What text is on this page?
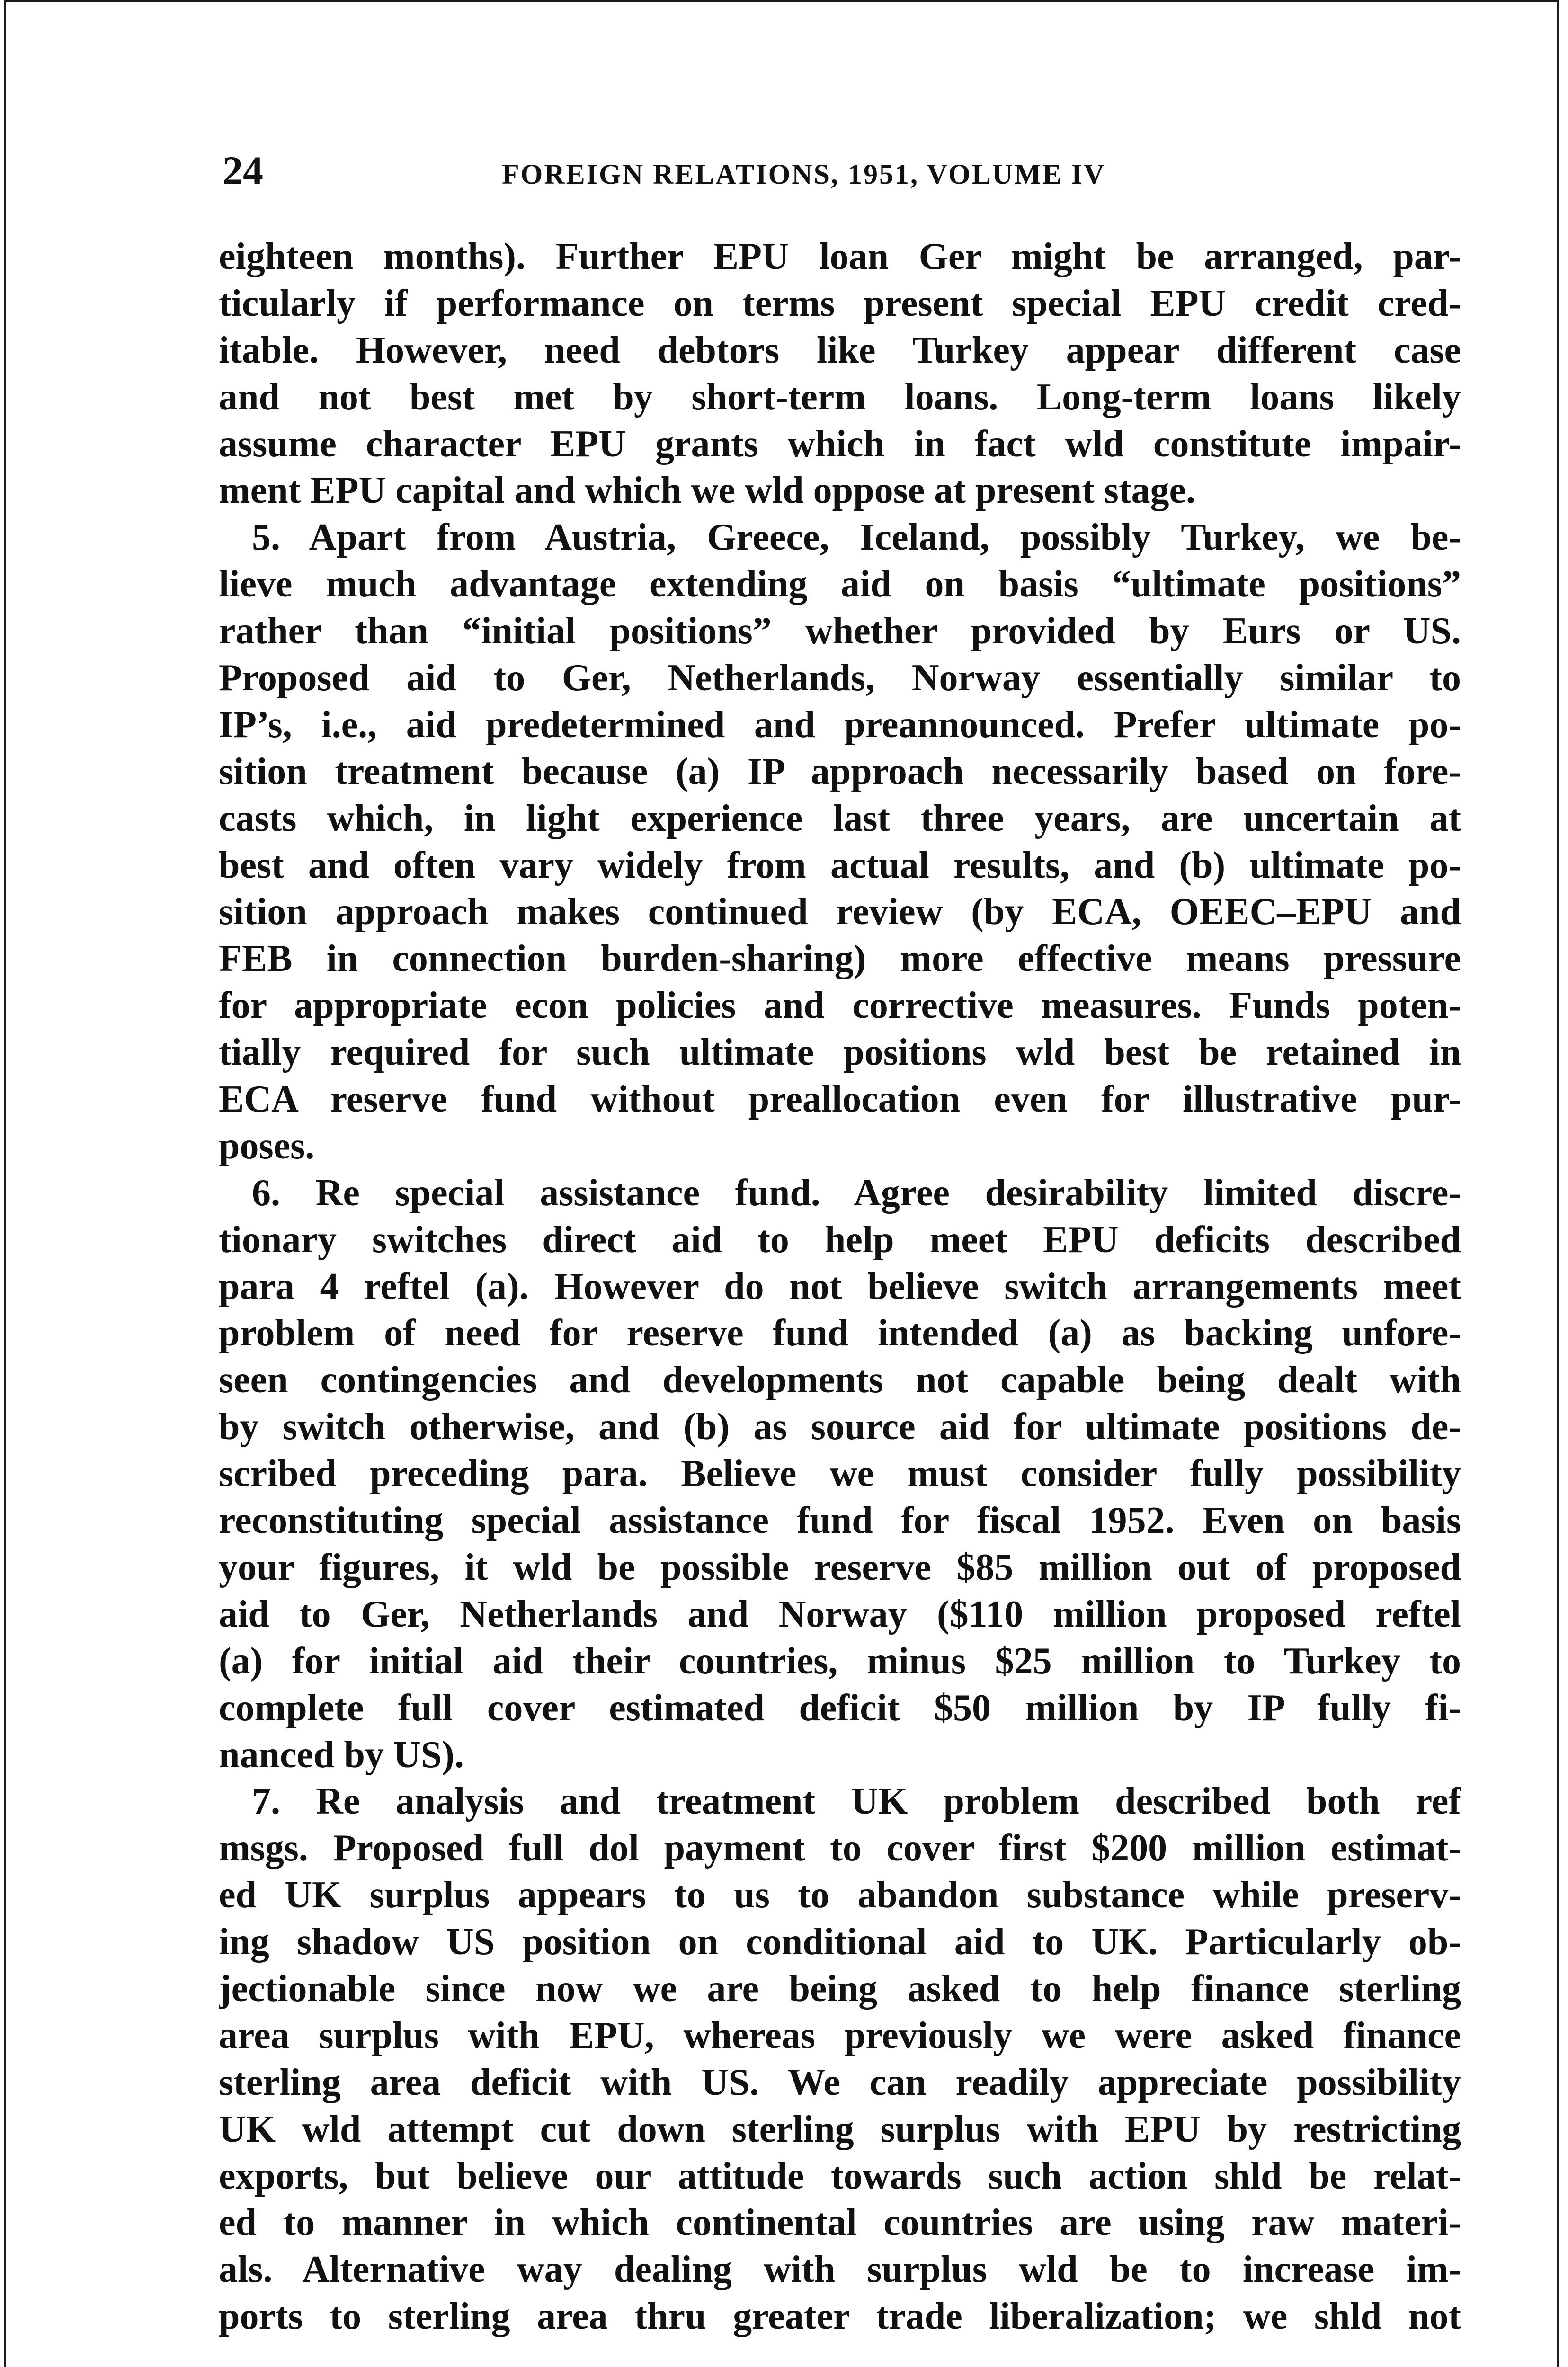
24	FOREIGN RELATIONS, 1951, VOLUME IV
eighteen months). Further EPU loan Ger might be arranged, par-
ticularly if performance on terms present special EPU credit cred-
itable. However, need debtors like Turkey appear different case
and not best met by short-term loans. Long-term loans likely
assume character EPU grants which in fact wld constitute impair-
ment EPU capital and which we wld oppose at present stage.
5. Apart from Austria, Greece, Iceland, possibly Turkey, we be-
lieve much advantage extending aid on basis “ultimate positions”
rather than “initial positions” whether provided by Eurs or US.
Proposed aid to Ger, Netherlands, Norway essentially similar to
IP’s, i.e., aid predetermined and preannounced. Prefer ultimate po-
sition treatment because (a) IP approach necessarily based on fore-
casts which, in light experience last three years, are uncertain at
best and often vary widely from actual results, and (b) ultimate po-
sition approach makes continued review (by ECA, OEEC–EPU and
FEB in connection burden-sharing) more effective means pressure
for appropriate econ policies and corrective measures. Funds poten-
tially required for such ultimate positions wld best be retained in
ECA reserve fund without preallocation even for illustrative pur-
poses.
6. Re special assistance fund. Agree desirability limited discre-
tionary switches direct aid to help meet EPU deficits described
para 4 reftel (a). However do not believe switch arrangements meet
problem of need for reserve fund intended (a) as backing unfore-
seen contingencies and developments not capable being dealt with
by switch otherwise, and (b) as source aid for ultimate positions de-
scribed preceding para. Believe we must consider fully possibility
reconstituting special assistance fund for fiscal 1952. Even on basis
your figures, it wld be possible reserve $85 million out of proposed
aid to Ger, Netherlands and Norway ($110 million proposed reftel
(a) for initial aid their countries, minus $25 million to Turkey to
complete full cover estimated deficit $50 million by IP fully fi-
nanced by US).
7. Re analysis and treatment UK problem described both ref
msgs. Proposed full dol payment to cover first $200 million estimat-
ed UK surplus appears to us to abandon substance while preserv-
ing shadow US position on conditional aid to UK. Particularly ob-
jectionable since now we are being asked to help finance sterling
area surplus with EPU, whereas previously we were asked finance
sterling area deficit with US. We can readily appreciate possibility
UK wld attempt cut down sterling surplus with EPU by restricting
exports, but believe our attitude towards such action shld be relat-
ed to manner in which continental countries are using raw materi-
als. Alternative way dealing with surplus wld be to increase im-
ports to sterling area thru greater trade liberalization; we shld not
